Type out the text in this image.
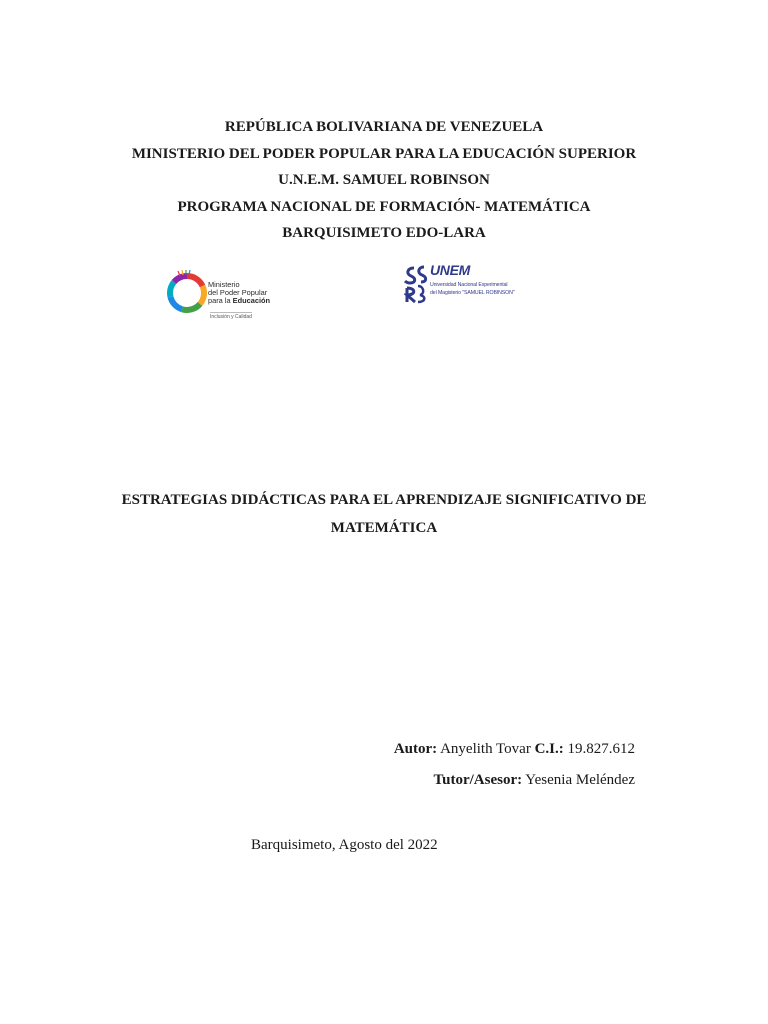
REPÚBLICA BOLIVARIANA DE VENEZUELA
MINISTERIO DEL PODER POPULAR PARA LA EDUCACIÓN SUPERIOR
U.N.E.M. SAMUEL ROBINSON
PROGRAMA NACIONAL DE FORMACIÓN- MATEMÁTICA
BARQUISIMETO EDO-LARA
Ministerio
del Poder Popular
para la Educación
Inclusión y Calidad
UNEM
Universidad Nacional Experimental
del Magisterio "SAMUEL ROBINSON"
ESTRATEGIAS DIDÁCTICAS PARA EL APRENDIZAJE SIGNIFICATIVO DE
MATEMÁTICA
Autor: Anyelith Tovar C.I.: 19.827.612
Tutor/Asesor: Yesenia Meléndez
Barquisimeto, Agosto del 2022
